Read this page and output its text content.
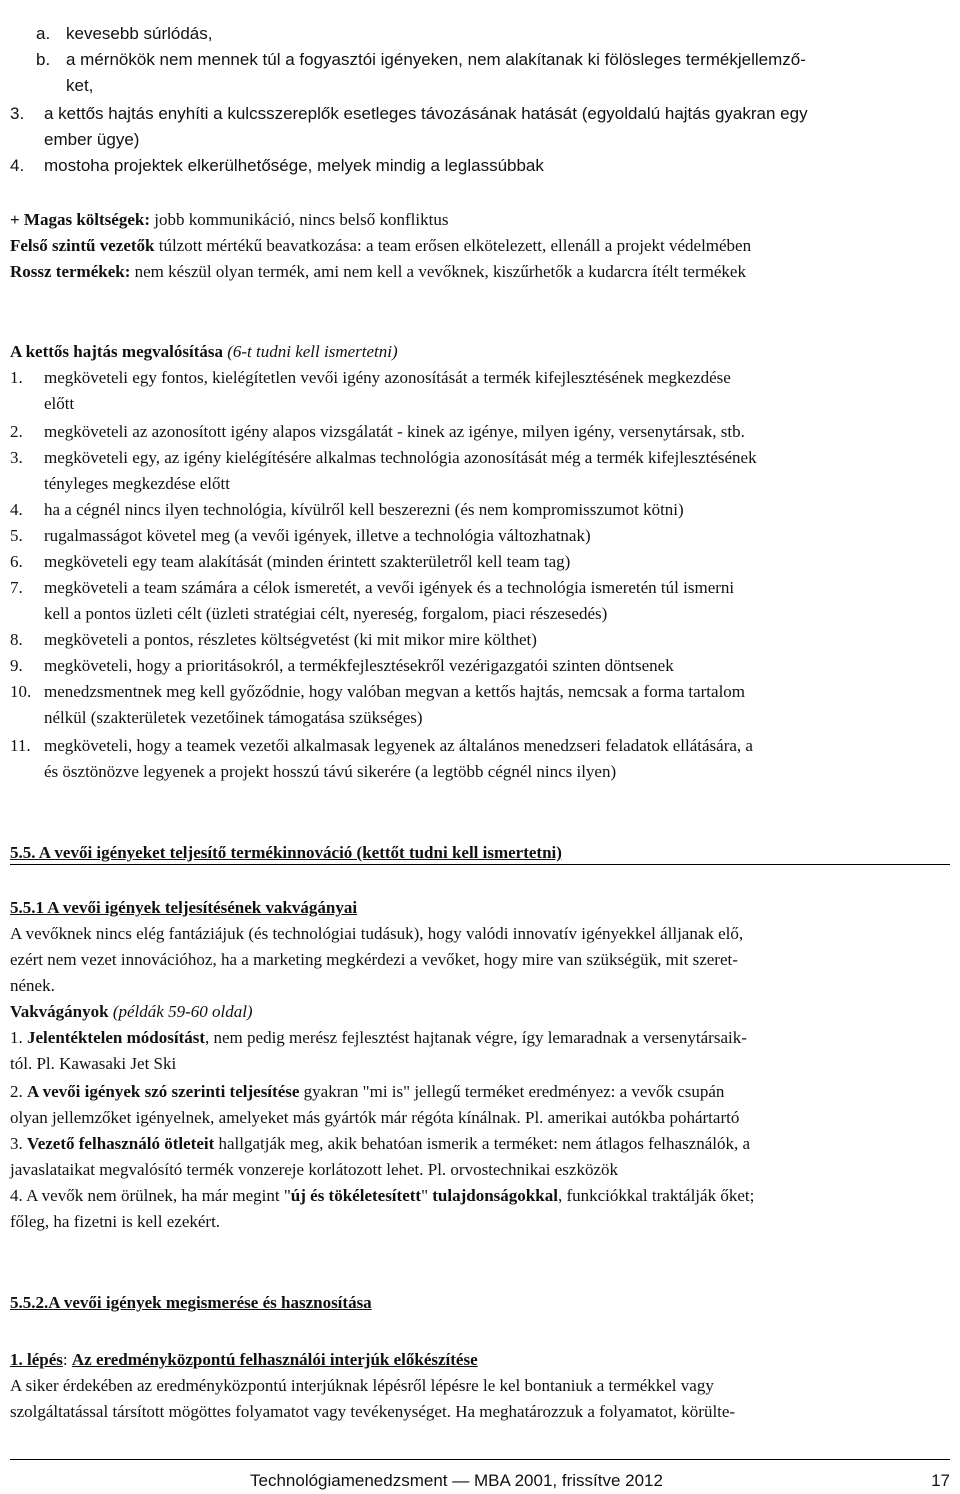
a. kevesebb súrlódás,
b. a mérnökök nem mennek túl a fogyasztói igényeken, nem alakítanak ki fölösleges termékjellemző-
ket,
3. a kettős hajtás enyhíti a kulcsszereplők esetleges távozásának hatását (egyoldalú hajtás gyakran egy
ember ügye)
4. mostoha projektek elkerülhetősége, melyek mindig a leglassúbbak
+ Magas költségek: jobb kommunikáció, nincs belső konfliktus
Felső szintű vezetők túlzott mértékű beavatkozása: a team erősen elkötelezett, ellenáll a projekt védelmében
Rossz termékek: nem készül olyan termék, ami nem kell a vevőknek, kiszűrhetők a kudarcra ítélt termékek
A kettős hajtás megvalósítása (6-t tudni kell ismertetni)
1. megköveteli egy fontos, kielégítetlen vevői igény azonosítását a termék kifejlesztésének megkezdése
előtt
2. megköveteli az azonosított igény alapos vizsgálatát - kinek az igénye, milyen igény, versenytársak, stb.
3. megköveteli egy, az igény kielégítésére alkalmas technológia azonosítását még a termék kifejlesztésének
tényleges megkezdése előtt
4. ha a cégnél nincs ilyen technológia, kívülről kell beszerezni (és nem kompromisszumot kötni)
5. rugalmasságot követel meg (a vevői igények, illetve a technológia változhatnak)
6. megköveteli egy team alakítását (minden érintett szakterületről kell team tag)
7. megköveteli a team számára a célok ismeretét, a vevői igények és a technológia ismeretén túl ismerni
kell a pontos üzleti célt (üzleti stratégiai célt, nyereség, forgalom, piaci részesedés)
8. megköveteli a pontos, részletes költségvetést (ki mit mikor mire költhet)
9. megköveteli, hogy a prioritásokról, a termékfejlesztésekről vezérigazgatói szinten döntsenek
10. menedzsmentnek meg kell győződnie, hogy valóban megvan a kettős hajtás, nemcsak a forma tartalom
nélkül (szakterületek vezetőinek támogatása szükséges)
11. megköveteli, hogy a teamek vezetői alkalmasak legyenek az általános menedzseri feladatok ellátására, a
és ösztönözve legyenek a projekt hosszú távú sikerére (a legtöbb cégnél nincs ilyen)
5.5. A vevői igényeket teljesítő termékinnováció (kettőt tudni kell ismertetni)
5.5.1 A vevői igények teljesítésének vakvágányai
A vevőknek nincs elég fantáziájuk (és technológiai tudásuk), hogy valódi innovatív igényekkel álljanak elő,
ezért nem vezet innovációhoz, ha a marketing megkérdezi a vevőket, hogy mire van szükségük, mit szeret-
nének.
Vakvágányok (példák 59-60 oldal)
1. Jelentéktelen módosítást, nem pedig merész fejlesztést hajtanak végre, így lemaradnak a versenytársaik-
tól. Pl. Kawasaki Jet Ski
2. A vevői igények szó szerinti teljesítése gyakran "mi is" jellegű terméket eredményez: a vevők csupán
olyan jellemzőket igényelnek, amelyeket más gyártók már régóta kínálnak. Pl. amerikai autókba pohártartó
3. Vezető felhasználó ötleteit hallgatják meg, akik behatóan ismerik a terméket: nem átlagos felhasználók, a
javaslataikat megvalósító termék vonzereje korlátozott lehet. Pl. orvostechnikai eszközök
4. A vevők nem örülnek, ha már megint "új és tökéletesített" tulajdonságokkal, funkciókkal traktálják őket;
főleg, ha fizetni is kell ezekért.
5.5.2.A vevői igények megismerése és hasznosítása
1. lépés: Az eredményközpontú felhasználói interjúk előkészítése
A siker érdekében az eredményközpontú interjúknak lépésről lépésre le kel bontaniuk a termékkel vagy
szolgáltatással társított mögöttes folyamatot vagy tevékenységet. Ha meghatározzuk a folyamatot, körülte-
Technológiamenedzsment — MBA 2001, frissítve 2012	17
